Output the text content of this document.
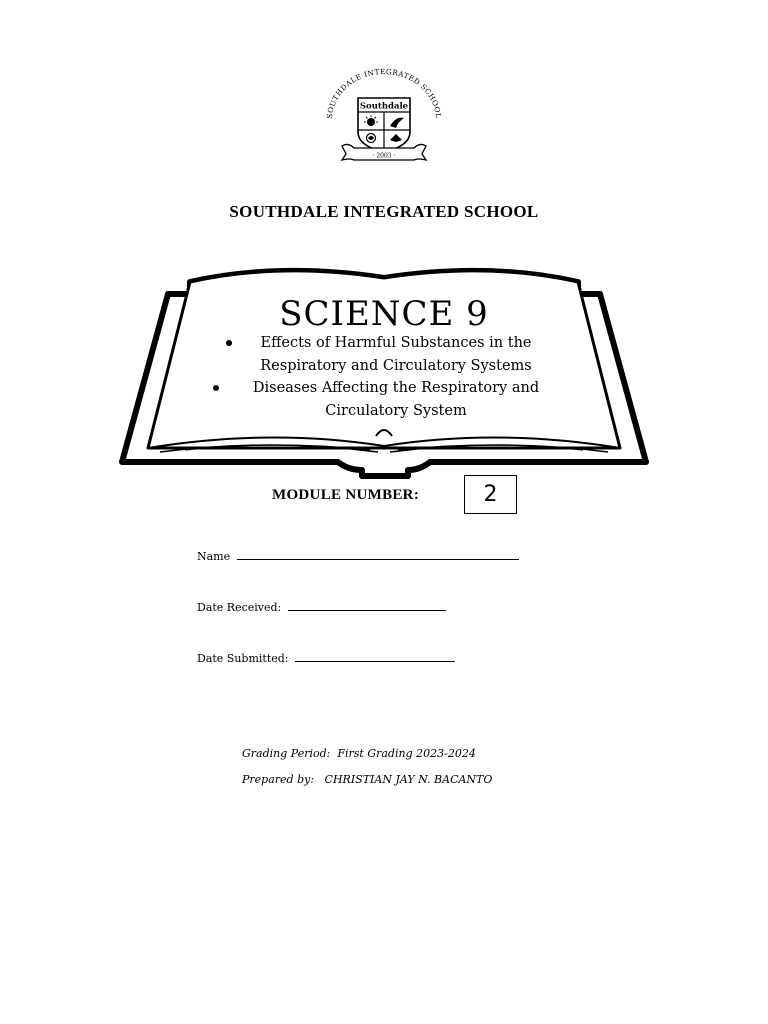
SOUTHDALE INTEGRATED SCHOOL
Southdale
· 2003 ·
SOUTHDALE INTEGRATED SCHOOL
SCIENCE 9
Effects of Harmful Substances in the
Respiratory and Circulatory Systems
Diseases Affecting the Respiratory and
Circulatory System
MODULE NUMBER:	2
Name
Date Received:
Date Submitted:
Grading Period: First Grading 2023-2024
Prepared by: CHRISTIAN JAY N. BACANTO
